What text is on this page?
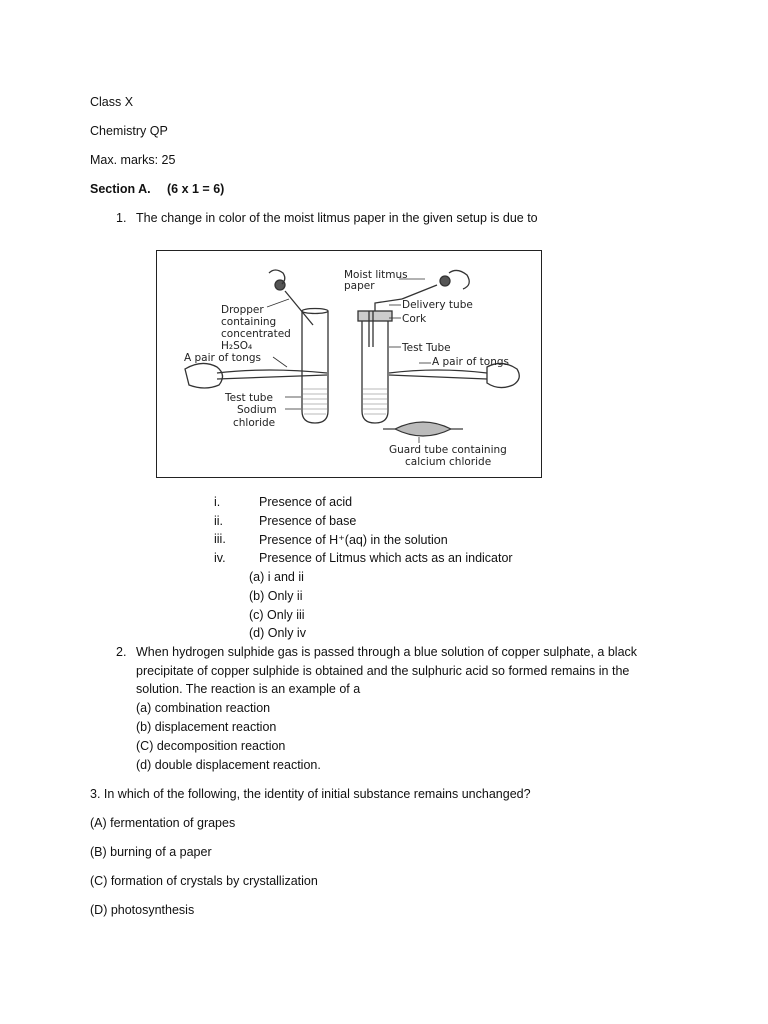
Class X
Chemistry QP
Max. marks: 25
Section A. (6 x 1 = 6)
1. The change in color of the moist litmus paper in the given setup is due to
Moist litmus
paper
Delivery tube
Cork
Dropper
containing
concentrated
H₂SO₄
A pair of tongs
Test Tube
A pair of tongs
Test tube
Sodium
chloride
Guard tube containing
calcium chloride
i.	Presence of acid
ii.	Presence of base
iii.	Presence of H⁺(aq) in the solution
iv.	Presence of Litmus which acts as an indicator
(a) i and ii
(b) Only ii
(c) Only iii
(d) Only iv
2. When hydrogen sulphide gas is passed through a blue solution of copper sulphate, a black
precipitate of copper sulphide is obtained and the sulphuric acid so formed remains in the
solution. The reaction is an example of a
(a) combination reaction
(b) displacement reaction
(C) decomposition reaction
(d) double displacement reaction.
3. In which of the following, the identity of initial substance remains unchanged?
(A) fermentation of grapes
(B) burning of a paper
(C) formation of crystals by crystallization
(D) photosynthesis
